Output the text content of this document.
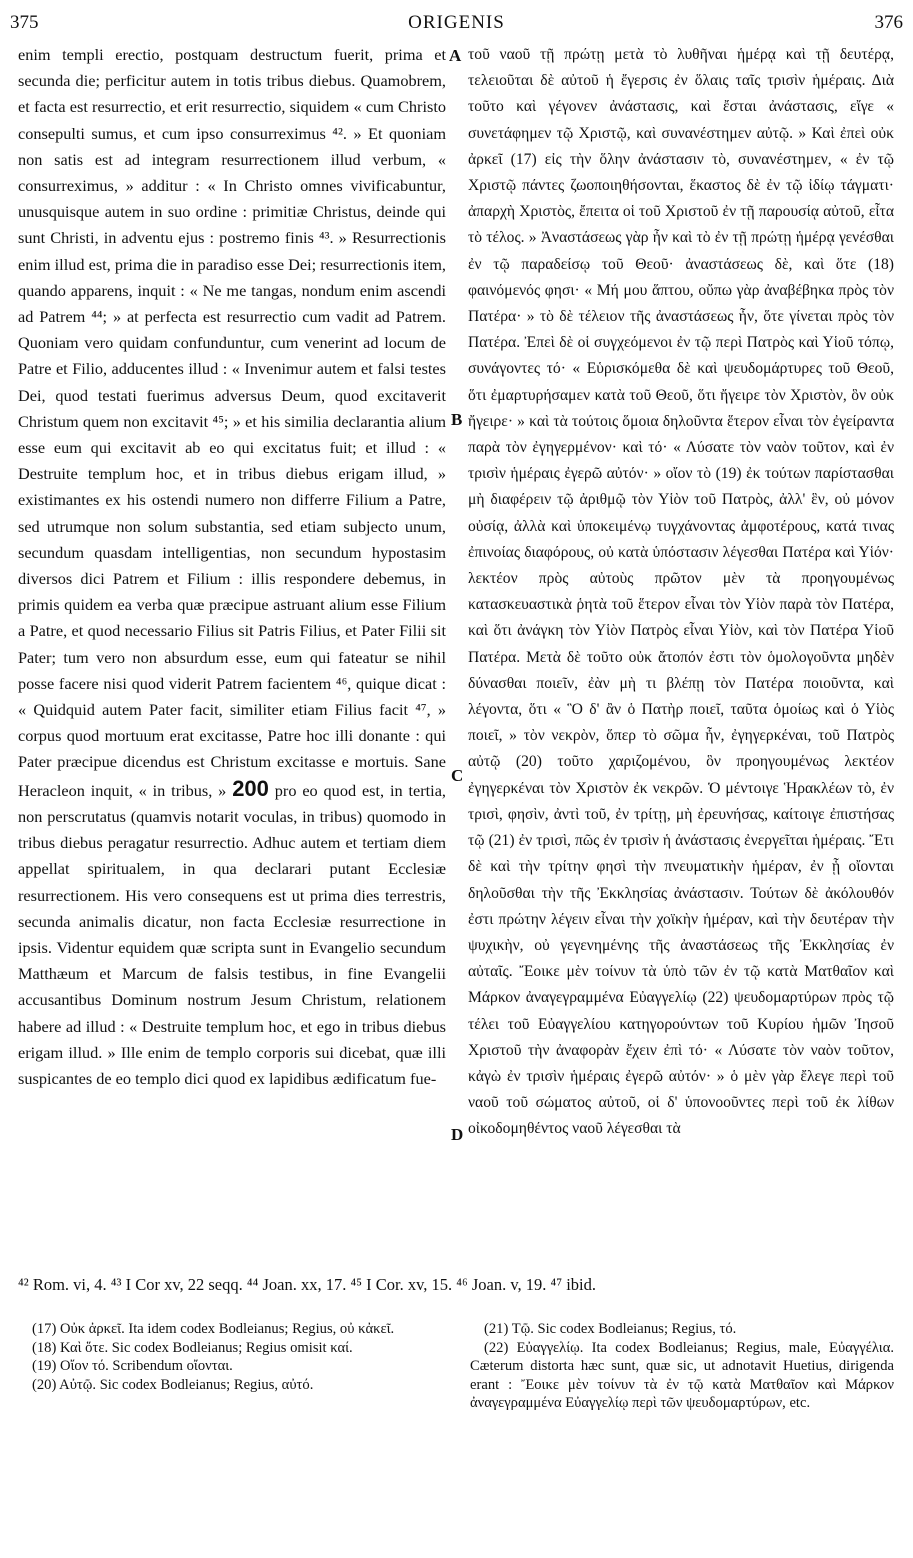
375	ORIGENIS	376

enim templi erectio, postquam destructum fuerit, prima et secunda die; perficitur autem in totis tribus diebus. Quamobrem, et facta est resurrectio, et erit resurrectio, siquidem « cum Christo consepulti sumus, et cum ipso consurreximus ⁴². » Et quoniam non satis est ad integram resurrectionem illud verbum, « consurreximus, » additur : « In Christo omnes vivificabuntur, unusquisque autem in suo ordine : primitiæ Christus, deinde qui sunt Christi, in adventu ejus : postremo finis ⁴³. » Resurrectionis enim illud est, prima die in paradiso esse Dei; resurrectionis item, quando apparens, inquit : « Ne me tangas, nondum enim ascendi ad Patrem ⁴⁴; » at perfecta est resurrectio cum vadit ad Patrem. Quoniam vero quidam confunduntur, cum venerint ad locum de Patre et Filio, adducentes illud : « Invenimur autem et falsi testes Dei, quod testati fuerimus adversus Deum, quod excitaverit Christum quem non excitavit ⁴⁵; » et his similia declarantia alium esse eum qui excitavit ab eo qui excitatus fuit; et illud : « Destruite templum hoc, et in tribus diebus erigam illud, » existimantes ex his ostendi numero non differre Filium a Patre, sed utrumque non solum substantia, sed etiam subjecto unum, secundum quasdam intelligentias, non secundum hypostasim diversos dici Patrem et Filium : illis respondere debemus, in primis quidem ea verba quæ præcipue astruant alium esse Filium a Patre, et quod necessario Filius sit Patris Filius, et Pater Filii sit Pater; tum vero non absurdum esse, eum qui fateatur se nihil posse facere nisi quod viderit Patrem facientem ⁴⁶, quique dicat : « Quidquid autem Pater facit, similiter etiam Filius facit ⁴⁷, » corpus quod mortuum erat excitasse, Patre hoc illi donante : qui Pater præcipue dicendus est Christum excitasse e mortuis. Sane Heracleon inquit, « in tribus, » 200 pro eo quod est, in tertia, non perscrutatus (quamvis notarit voculas, in tribus) quomodo in tribus diebus peragatur resurrectio. Adhuc autem et tertiam diem appellat spiritualem, in qua declarari putant Ecclesiæ resurrectionem. His vero consequens est ut prima dies terrestris, secunda animalis dicatur, non facta Ecclesiæ resurrectione in ipsis. Videntur equidem quæ scripta sunt in Evangelio secundum Matthæum et Marcum de falsis testibus, in fine Evangelii accusantibus Dominum nostrum Jesum Christum, relationem habere ad illud : « Destruite templum hoc, et ego in tribus diebus erigam illud. » Ille enim de templo corporis sui dicebat, quæ illi suspicantes de eo templo dici quod ex lapidibus ædificatum fue-

A
B
C
D

τοῦ ναοῦ τῇ πρώτῃ μετὰ τὸ λυθῆναι ἡμέρᾳ καὶ τῇ δευτέρᾳ, τελειοῦται δὲ αὐτοῦ ἡ ἔγερσις ἐν ὅλαις ταῖς τρισὶν ἡμέραις. Διὰ τοῦτο καὶ γέγονεν ἀνάστασις, καὶ ἔσται ἀνάστασις, εἴγε « συνετάφημεν τῷ Χριστῷ, καὶ συνανέστημεν αὐτῷ. » Καὶ ἐπεὶ οὐκ ἀρκεῖ (17) εἰς τὴν ὅλην ἀνάστασιν τὸ, συνανέστημεν, « ἐν τῷ Χριστῷ πάντες ζωοποιηθήσονται, ἕκαστος δὲ ἐν τῷ ἰδίῳ τάγματι· ἀπαρχὴ Χριστὸς, ἔπειτα οἱ τοῦ Χριστοῦ ἐν τῇ παρουσίᾳ αὐτοῦ, εἶτα τὸ τέλος. » Ἀναστάσεως γὰρ ἦν καὶ τὸ ἐν τῇ πρώτῃ ἡμέρᾳ γενέσθαι ἐν τῷ παραδείσῳ τοῦ Θεοῦ· ἀναστάσεως δὲ, καὶ ὅτε (18) φαινόμενός φησι· « Μή μου ἅπτου, οὔπω γὰρ ἀναβέβηκα πρὸς τὸν Πατέρα· » τὸ δὲ τέλειον τῆς ἀναστάσεως ἦν, ὅτε γίνεται πρὸς τὸν Πατέρα. Ἐπεὶ δὲ οἱ συγχεόμενοι ἐν τῷ περὶ Πατρὸς καὶ Υἱοῦ τόπῳ, συνάγοντες τό· « Εὑρισκόμεθα δὲ καὶ ψευδομάρτυρες τοῦ Θεοῦ, ὅτι ἐμαρτυρήσαμεν κατὰ τοῦ Θεοῦ, ὅτι ἤγειρε τὸν Χριστὸν, ὃν οὐκ ἤγειρε· » καὶ τὰ τούτοις ὅμοια δηλοῦντα ἕτερον εἶναι τὸν ἐγείραντα παρὰ τὸν ἐγηγερμένον· καὶ τό· « Λύσατε τὸν ναὸν τοῦτον, καὶ ἐν τρισὶν ἡμέραις ἐγερῶ αὐτόν· » οἴον τὸ (19) ἐκ τούτων παρίστασθαι μὴ διαφέρειν τῷ ἀριθμῷ τὸν Υἱὸν τοῦ Πατρὸς, ἀλλ' ἓν, οὐ μόνον οὐσίᾳ, ἀλλὰ καὶ ὑποκειμένῳ τυγχάνοντας ἀμφοτέρους, κατά τινας ἐπινοίας διαφόρους, οὐ κατὰ ὑπόστασιν λέγεσθαι Πατέρα καὶ Υἱόν· λεκτέον πρὸς αὐτοὺς πρῶτον μὲν τὰ προηγουμένως κατασκευαστικὰ ῥητὰ τοῦ ἕτερον εἶναι τὸν Υἱὸν παρὰ τὸν Πατέρα, καὶ ὅτι ἀνάγκη τὸν Υἱὸν Πατρὸς εἶναι Υἱὸν, καὶ τὸν Πατέρα Υἱοῦ Πατέρα. Μετὰ δὲ τοῦτο οὐκ ἄτοπόν ἐστι τὸν ὁμολογοῦντα μηδὲν δύνασθαι ποιεῖν, ἐὰν μὴ τι βλέπῃ τὸν Πατέρα ποιοῦντα, καὶ λέγοντα, ὅτι « Ὃ δ' ἂν ὁ Πατὴρ ποιεῖ, ταῦτα ὁμοίως καὶ ὁ Υἱὸς ποιεῖ, » τὸν νεκρὸν, ὅπερ τὸ σῶμα ἦν, ἐγηγερκέναι, τοῦ Πατρὸς αὐτῷ (20) τοῦτο χαριζομένου, ὃν προηγουμένως λεκτέον ἐγηγερκέναι τὸν Χριστὸν ἐκ νεκρῶν. Ὁ μέντοιγε Ἡρακλέων τὸ, ἐν τρισὶ, φησὶν, ἀντὶ τοῦ, ἐν τρίτῃ, μὴ ἐρευνήσας, καίτοιγε ἐπιστήσας τῷ (21) ἐν τρισὶ, πῶς ἐν τρισὶν ἡ ἀνάστασις ἐνεργεῖται ἡμέραις. Ἔτι δὲ καὶ τὴν τρίτην φησὶ τὴν πνευματικὴν ἡμέραν, ἐν ᾗ οἴονται δηλοῦσθαι τὴν τῆς Ἐκκλησίας ἀνάστασιν. Τούτων δὲ ἀκόλουθόν ἐστι πρώτην λέγειν εἶναι τὴν χοϊκὴν ἡμέραν, καὶ τὴν δευτέραν τὴν ψυχικὴν, οὐ γεγενημένης τῆς ἀναστάσεως τῆς Ἐκκλησίας ἐν αὐταῖς. Ἔοικε μὲν τοίνυν τὰ ὑπὸ τῶν ἐν τῷ κατὰ Ματθαῖον καὶ Μάρκον ἀναγεγραμμένα Εὐαγγελίῳ (22) ψευδομαρτύρων πρὸς τῷ τέλει τοῦ Εὐαγγελίου κατηγορούντων τοῦ Κυρίου ἡμῶν Ἰησοῦ Χριστοῦ τὴν ἀναφορὰν ἔχειν ἐπὶ τό· « Λύσατε τὸν ναὸν τοῦτον, κἀγὼ ἐν τρισὶν ἡμέραις ἐγερῶ αὐτόν· » ὁ μὲν γὰρ ἔλεγε περὶ τοῦ ναοῦ τοῦ σώματος αὐτοῦ, οἱ δ' ὑπονοοῦντες περὶ τοῦ ἐκ λίθων οἰκοδομηθέντος ναοῦ λέγεσθαι τὰ

⁴² Rom. vi, 4. ⁴³ I Cor xv, 22 seqq. ⁴⁴ Joan. xx, 17. ⁴⁵ I Cor. xv, 15. ⁴⁶ Joan. v, 19. ⁴⁷ ibid.

(17) Οὐκ ἀρκεῖ. Ita idem codex Bodleianus; Regius, οὐ κἀκεῖ.

(18) Καὶ ὅτε. Sic codex Bodleianus; Regius omisit καί.

(19) Οἴον τό. Scribendum οἴονται.

(20) Αὐτῷ. Sic codex Bodleianus; Regius, αὐτό.

(21) Τῷ. Sic codex Bodleianus; Regius, τό.

(22) Εὐαγγελίῳ. Ita codex Bodleianus; Regius, male, Εὐαγγέλια. Cæterum distorta hæc sunt, quæ sic, ut adnotavit Huetius, dirigenda erant : Ἔοικε μὲν τοίνυν τὰ ἐν τῷ κατὰ Ματθαῖον καὶ Μάρκον ἀναγεγραμμένα Εὐαγγελίῳ περὶ τῶν ψευδομαρτύρων, etc.
